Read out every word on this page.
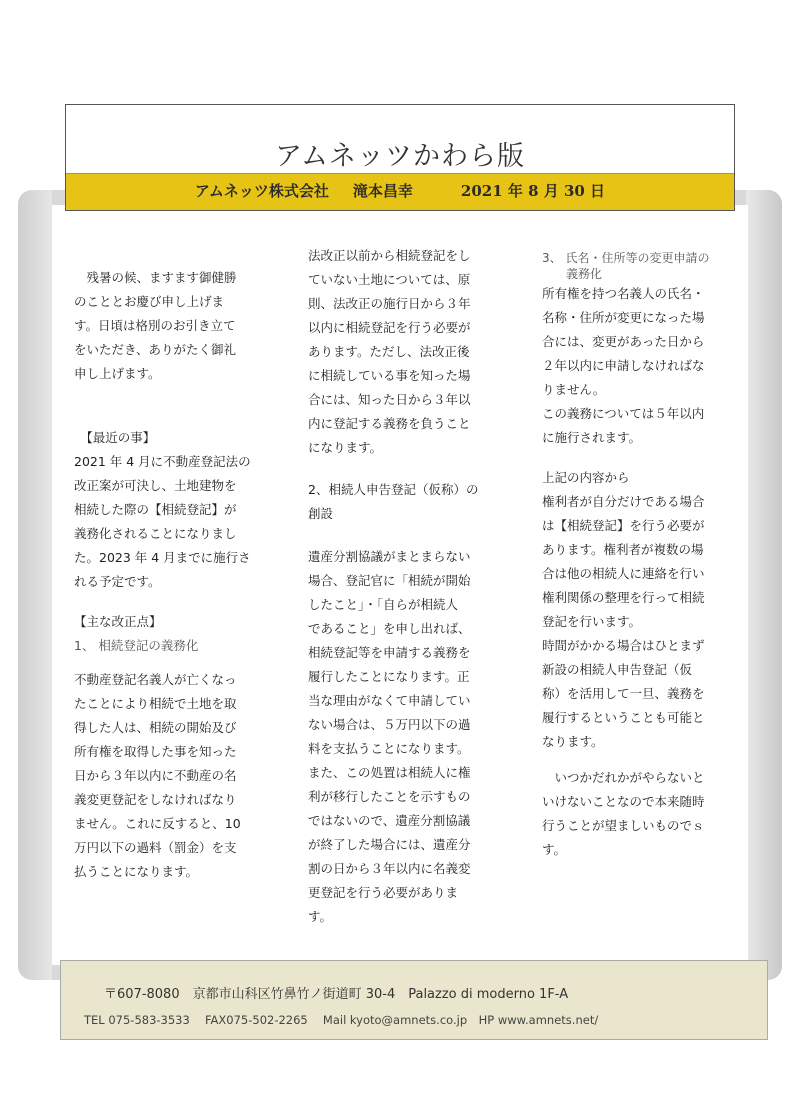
アムネッツかわら版
アムネッツ株式会社 滝本昌幸	2021 年 8 月 30 日

　残暑の候、ますます御健勝

のこととお慶び申し上げま

す。日頃は格別のお引き立て

をいただき、ありがたく御礼

申し上げます。

　【最近の事】

2021 年 4 月に不動産登記法の

改正案が可決し、土地建物を

相続した際の【相続登記】が

義務化されることになりまし

た。2023 年 4 月までに施行さ

れる予定です。

【主な改正点】

1、 相続登記の義務化

不動産登記名義人が亡くなっ

たことにより相続で土地を取

得した人は、相続の開始及び

所有権を取得した事を知った

日から３年以内に不動産の名

義変更登記をしなければなり

ません。これに反すると、10

万円以下の過料（罰金）を支

払うことになります。

法改正以前から相続登記をし

ていない土地については、原

則、法改正の施行日から３年

以内に相続登記を行う必要が

あります。ただし、法改正後

に相続している事を知った場

合には、知った日から３年以

内に登記する義務を負うこと

になります。

2、相続人申告登記（仮称）の

創設

遺産分割協議がまとまらない

場合、登記官に「相続が開始

したこと」・「自らが相続人

であること」を申し出れば、

相続登記等を申請する義務を

履行したことになります。正

当な理由がなくて申請してい

ない場合は、５万円以下の過

料を支払うことになります。

また、この処置は相続人に権

利が移行したことを示すもの

ではないので、遺産分割協議

が終了した場合には、遺産分

割の日から３年以内に名義変

更登記を行う必要がありま

す。

3、 氏名・住所等の変更申請の

　　義務化

所有権を持つ名義人の氏名・

名称・住所が変更になった場

合には、変更があった日から

２年以内に申請しなければな

りません。

この義務については５年以内

に施行されます。

上記の内容から

権利者が自分だけである場合

は【相続登記】を行う必要が

あります。権利者が複数の場

合は他の相続人に連絡を行い

権利関係の整理を行って相続

登記を行います。

時間がかかる場合はひとまず

新設の相続人申告登記（仮

称）を活用して一旦、義務を

履行するということも可能と

なります。

　いつかだれかがやらないと

いけないことなので本来随時

行うことが望ましいものでｓ

す。

〒607-8080　京都市山科区竹鼻竹ノ街道町 30-4　Palazzo di moderno 1F-A
TEL 075-583-3533　 FAX075-502-2265　 Mail kyoto@amnets.co.jp　HP www.amnets.net/
